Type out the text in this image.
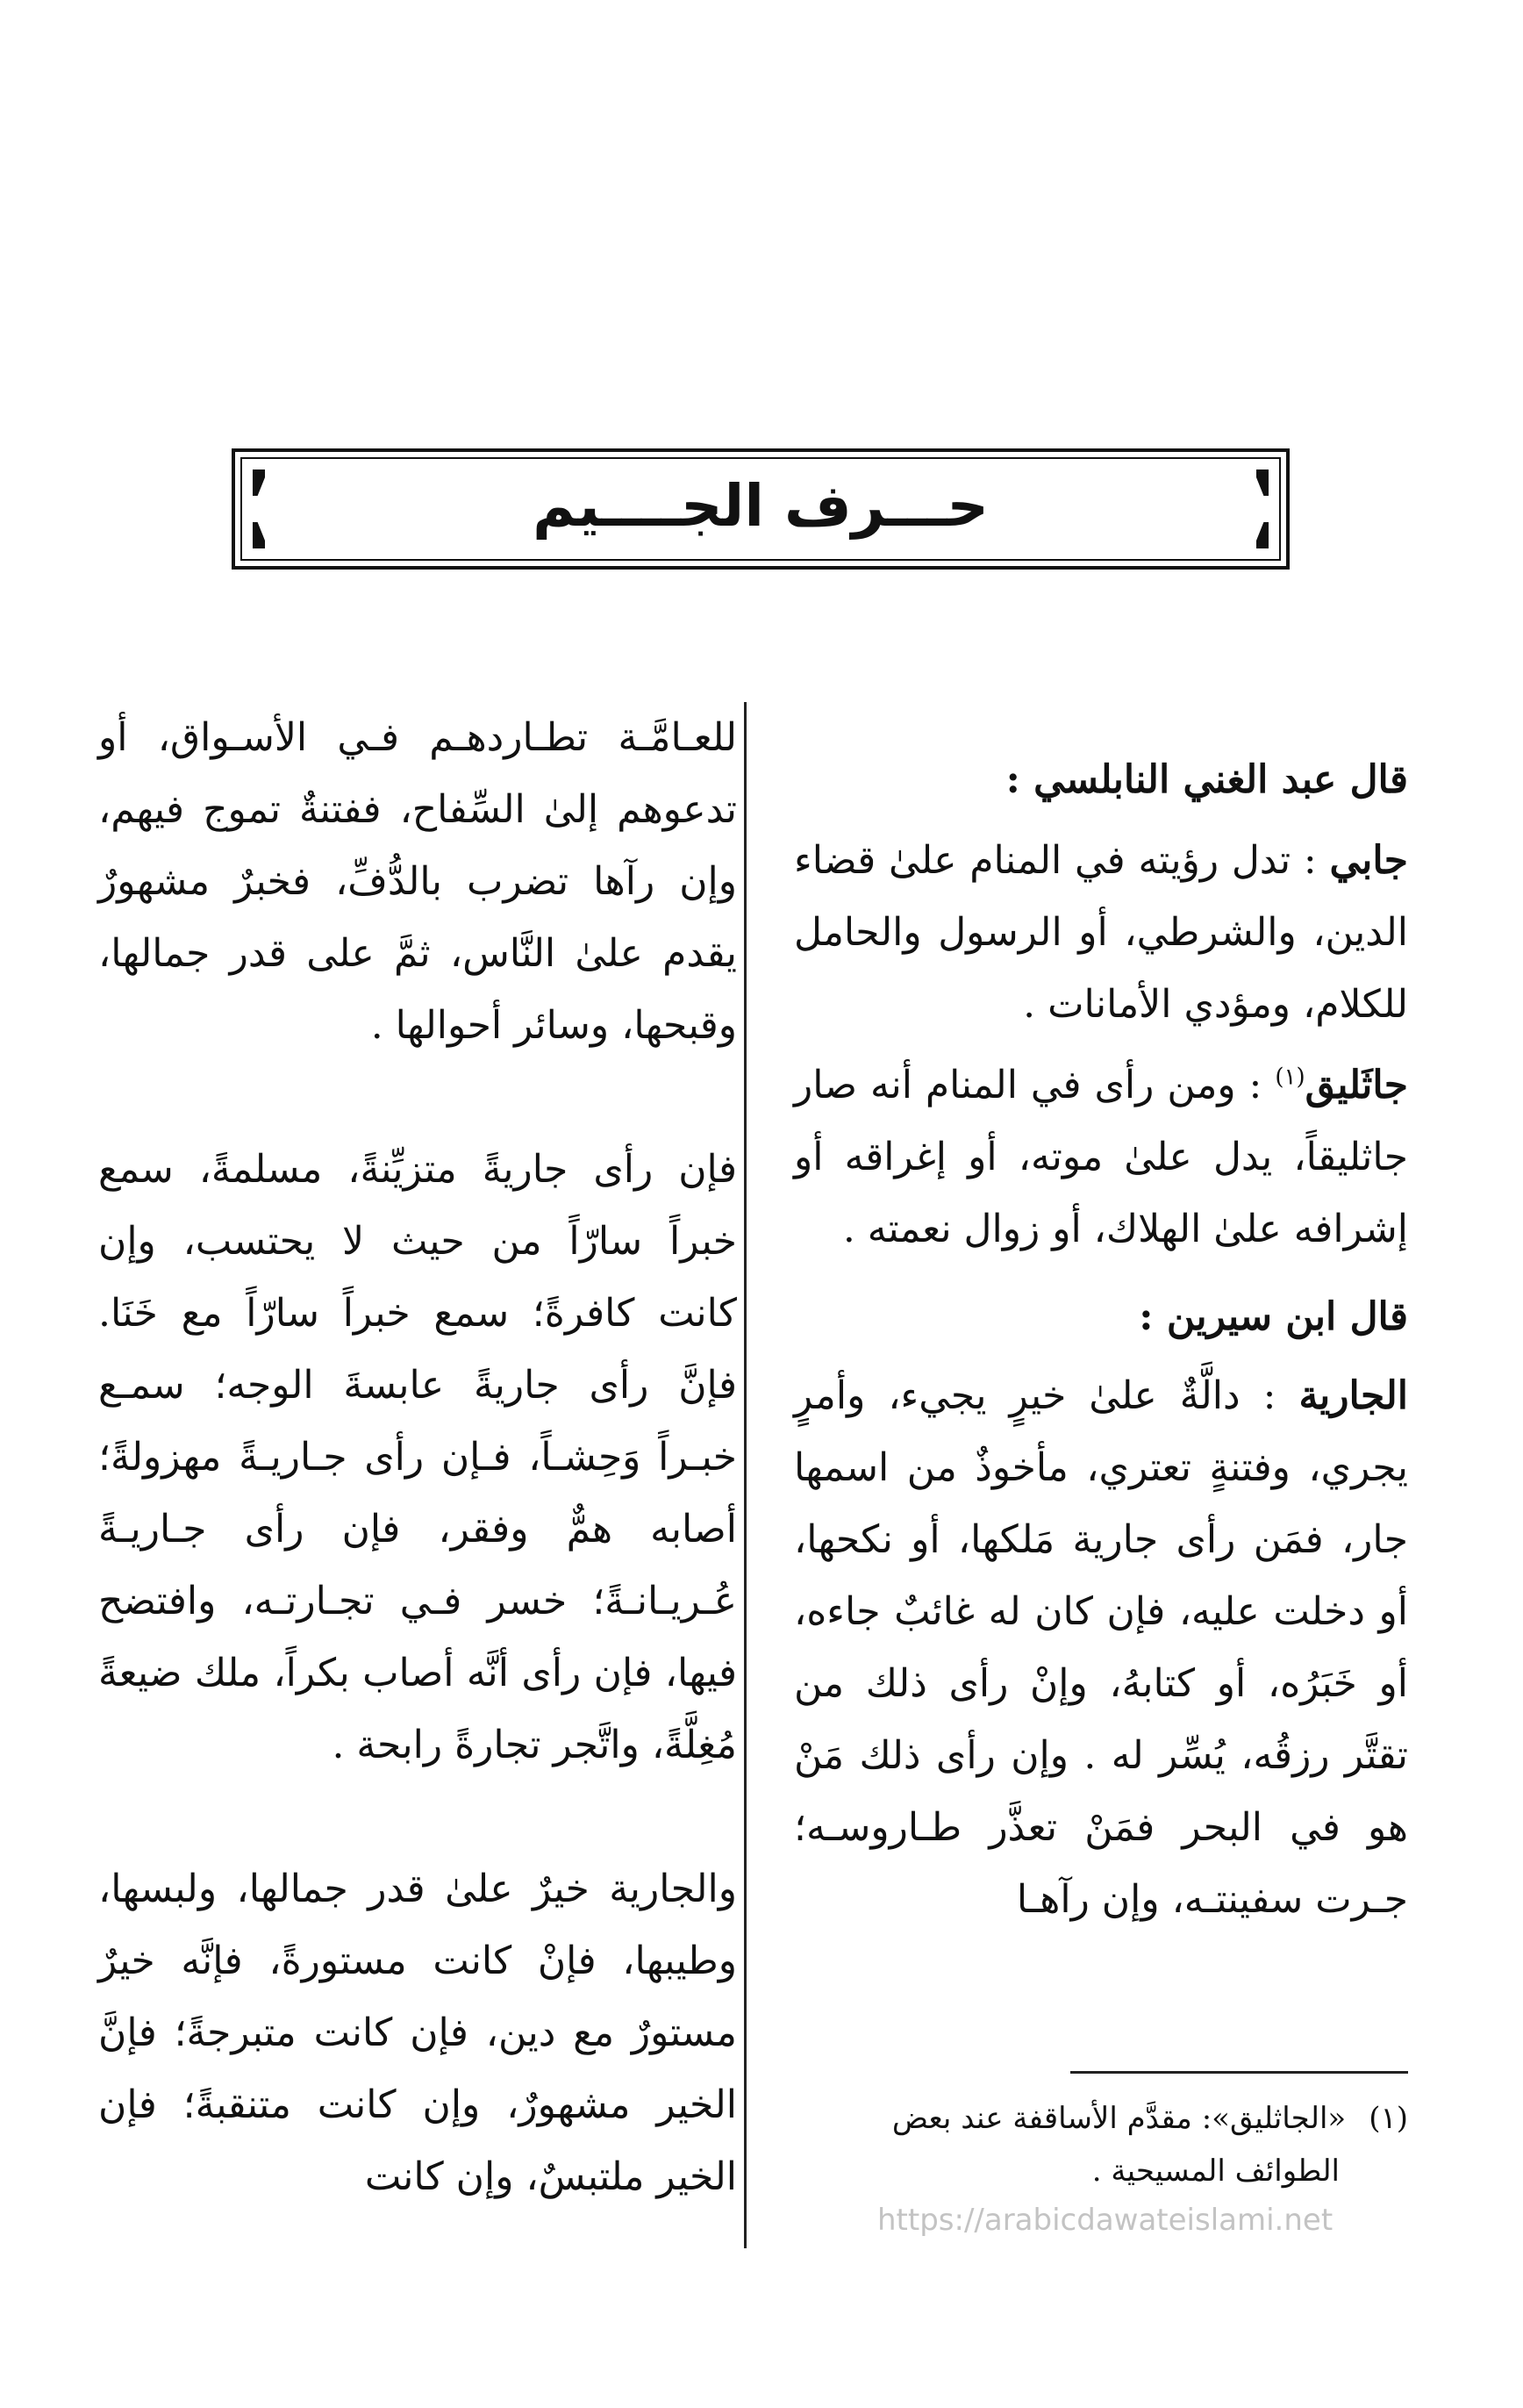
حـــرف الجــــيم

قال عبد الغني النابلسي :

جابي : تدل رؤيته في المنام علىٰ قضاء الدين، والشرطي، أو الرسول والحامل للكلام، ومؤدي الأمانات .

جاثَليق$^{(١)}$ : ومن رأى في المنام أنه صار جاثليقاً، يدل علىٰ موته، أو إغراقه أو إشرافه علىٰ الهلاك، أو زوال نعمته .

قال ابن سيرين :

الجارية : دالَّةٌ علىٰ خيرٍ يجيء، وأمرٍ يجري، وفتنةٍ تعتري، مأخوذٌ من اسمها جار، فمَن رأى جارية مَلكها، أو نكحها، أو دخلت عليه، فإن كان له غائبٌ جاءه، أو خَبَرُه، أو كتابهُ، وإنْ رأى ذلك من تقتَّر رزقُه، يُسِّر له . وإن رأى ذلك مَنْ هو في البحر فمَنْ تعذَّر طـاروسـه؛ جـرت سفينتـه، وإن رآهـا

للعـامَّـة تطـاردهـم فـي الأسـواق، أو تدعوهم إلىٰ السِّفاح، ففتنةٌ تموج فيهم، وإن رآها تضرب بالدُّفِّ، فخبرٌ مشهورٌ يقدم علىٰ النَّاس، ثمَّ على قدر جمالها، وقبحها، وسائر أحوالها .

فإن رأى جاريةً متزيِّنةً، مسلمةً، سمع خبراً سارّاً من حيث لا يحتسب، وإن كانت كافرةً؛ سمع خبراً سارّاً مع خَنَا. فإنَّ رأى جاريةً عابسةَ الوجه؛ سمـع خبـراً وَحِشـاً، فـإن رأى جـاريـةً مهزولةً؛ أصابه همٌّ وفقر، فإن رأى جـاريـةً عُـريـانـةً؛ خسر فـي تجـارتـه، وافتضح فيها، فإن رأى أنَّه أصاب بكراً، ملك ضيعةً مُغِلَّةً، واتَّجر تجارةً رابحة .

والجارية خيرٌ علىٰ قدر جمالها، ولبسها، وطيبها، فإنْ كانت مستورةً، فإنَّه خيرٌ مستورٌ مع دين، فإن كانت متبرجةً؛ فإنَّ الخير مشهورٌ، وإن كانت متنقبةً؛ فإن الخير ملتبسٌ، وإن كانت

(١)«الجاثليق»: مقدَّم الأساقفة عند بعض
الطوائف المسيحية .
https://arabicdawateislami.net
